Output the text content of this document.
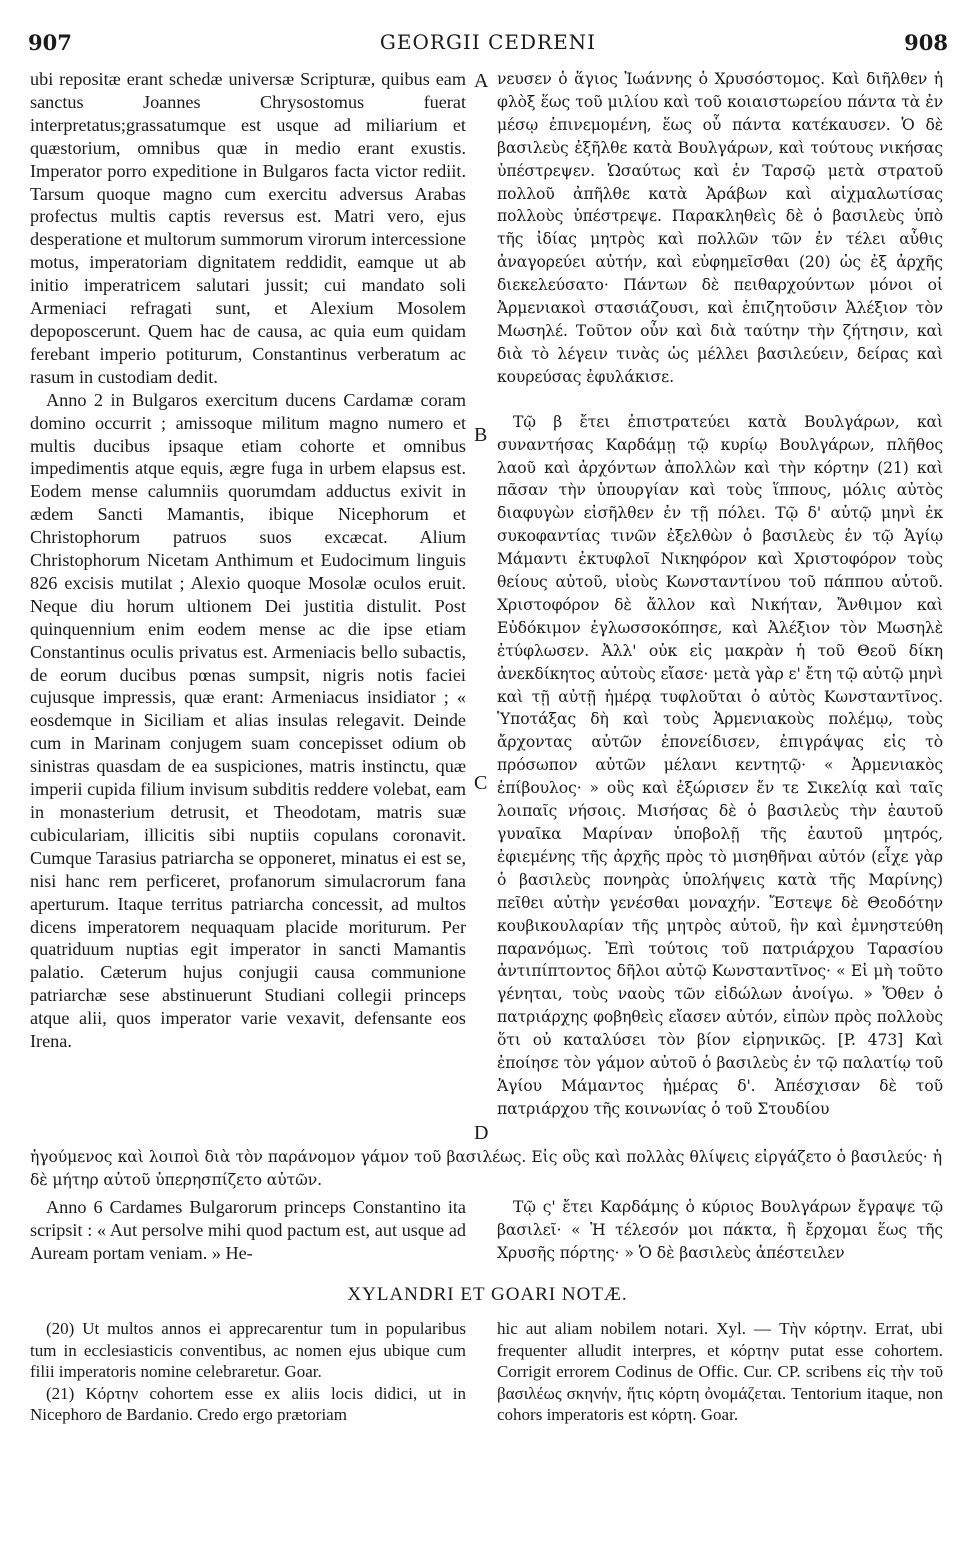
907	GEORGII CEDRENI	908

ubi repositæ erant schedæ universæ Scripturæ, quibus eam sanctus Joannes Chrysostomus fuerat interpretatus;grassatumque est usque ad miliarium et quæstorium, omnibus quæ in medio erant exustis. Imperator porro expeditione in Bulgaros facta victor rediit. Tarsum quoque magno cum exercitu adversus Arabas profectus multis captis reversus est. Matri vero, ejus desperatione et multorum summorum virorum intercessione motus, imperatoriam dignitatem reddidit, eamque ut ab initio imperatricem salutari jussit; cui mandato soli Armeniaci refragati sunt, et Alexium Mosolem depoposcerunt. Quem hac de causa, ac quia eum quidam ferebant imperio potiturum, Constantinus verberatum ac rasum in custodiam dedit.

Anno 2 in Bulgaros exercitum ducens Cardamæ coram domino occurrit ; amissoque militum magno numero et multis ducibus ipsaque etiam cohorte et omnibus impedimentis atque equis, ægre fuga in urbem elapsus est. Eodem mense calumniis quorumdam adductus exivit in ædem Sancti Mamantis, ibique Nicephorum et Christophorum patruos suos excæcat. Alium Christophorum Nicetam Anthimum et Eudocimum linguis 826 excisis mutilat ; Alexio quoque Mosolæ oculos eruit. Neque diu horum ultionem Dei justitia distulit. Post quinquennium enim eodem mense ac die ipse etiam Constantinus oculis privatus est. Armeniacis bello subactis, de eorum ducibus pœnas sumpsit, nigris notis faciei cujusque impressis, quæ erant: Armeniacus insidiator ; « eosdemque in Siciliam et alias insulas relegavit. Deinde cum in Marinam conjugem suam concepisset odium ob sinistras quasdam de ea suspiciones, matris instinctu, quæ imperii cupida filium invisum subditis reddere volebat, eam in monasterium detrusit, et Theodotam, matris suæ cubiculariam, illicitis sibi nuptiis copulans coronavit. Cumque Tarasius patriarcha se opponeret, minatus ei est se, nisi hanc rem perficeret, profanorum simulacrorum fana aperturum. Itaque territus patriarcha concessit, ad multos dicens imperatorem nequaquam placide moriturum. Per quatriduum nuptias egit imperator in sancti Mamantis palatio. Cæterum hujus conjugii causa communione patriarchæ sese abstinuerunt Studiani collegii princeps atque alii, quos imperator varie vexavit, defensante eos Irena.

νευσεν ὁ ἅγιος Ἰωάννης ὁ Χρυσόστομος. Καὶ διῆλθεν ἡ φλὸξ ἕως τοῦ μιλίου καὶ τοῦ κοιαιστωρείου πάντα τὰ ἐν μέσῳ ἐπινεμομένη, ἕως οὗ πάντα κατέκαυσεν. Ὁ δὲ βασιλεὺς ἐξῆλθε κατὰ Βουλγάρων, καὶ τούτους νικήσας ὑπέστρεψεν. Ὡσαύτως καὶ ἐν Ταρσῷ μετὰ στρατοῦ πολλοῦ ἀπῆλθε κατὰ Ἀράβων καὶ αἰχμαλωτίσας πολλοὺς ὑπέστρεψε. Παρακληθεὶς δὲ ὁ βασιλεὺς ὑπὸ τῆς ἰδίας μητρὸς καὶ πολλῶν τῶν ἐν τέλει αὖθις ἀναγορεύει αὐτήν, καὶ εὐφημεῖσθαι (20) ὡς ἐξ ἀρχῆς διεκελεύσατο· Πάντων δὲ πειθαρχούντων μόνοι οἱ Ἀρμενιακοὶ στασιάζουσι, καὶ ἐπιζητοῦσιν Ἀλέξιον τὸν Μωσηλέ. Τοῦτον οὖν καὶ διὰ ταύτην τὴν ζήτησιν, καὶ διὰ τὸ λέγειν τινὰς ὡς μέλλει βασιλεύειν, δείρας καὶ κουρεύσας ἐφυλάκισε.

Τῷ β ἔτει ἐπιστρατεύει κατὰ Βουλγάρων, καὶ συναντήσας Καρδάμῃ τῷ κυρίῳ Βουλγάρων, πλῆθος λαοῦ καὶ ἀρχόντων ἀπολλὼν καὶ τὴν κόρτην (21) καὶ πᾶσαν τὴν ὑπουργίαν καὶ τοὺς ἵππους, μόλις αὐτὸς διαφυγὼν εἰσῆλθεν ἐν τῇ πόλει. Τῷ δ' αὐτῷ μηνὶ ἐκ συκοφαντίας τινῶν ἐξελθὼν ὁ βασιλεὺς ἐν τῷ Ἁγίῳ Μάμαντι ἐκτυφλοῖ Νικηφόρον καὶ Χριστοφόρον τοὺς θείους αὐτοῦ, υἱοὺς Κωνσταντίνου τοῦ πάππου αὐτοῦ. Χριστοφόρον δὲ ἄλλον καὶ Νικήταν, Ἄνθιμον καὶ Εὐδόκιμον ἐγλωσσοκόπησε, καὶ Ἀλέξιον τὸν Μωσηλὲ ἐτύφλωσεν. Ἀλλ' οὐκ εἰς μακρὰν ἡ τοῦ Θεοῦ δίκη ἀνεκδίκητος αὐτοὺς εἴασε· μετὰ γὰρ ε' ἔτη τῷ αὐτῷ μηνὶ καὶ τῇ αὐτῇ ἡμέρᾳ τυφλοῦται ὁ αὐτὸς Κωνσταντῖνος. Ὑποτάξας δὴ καὶ τοὺς Ἀρμενιακοὺς πολέμῳ, τοὺς ἄρχοντας αὐτῶν ἐπονείδισεν, ἐπιγράψας εἰς τὸ πρόσωπον αὐτῶν μέλανι κεντητῷ· « Ἀρμενιακὸς ἐπίβουλος· » οὓς καὶ ἐξώρισεν ἔν τε Σικελίᾳ καὶ ταῖς λοιπαῖς νήσοις. Μισήσας δὲ ὁ βασιλεὺς τὴν ἑαυτοῦ γυναῖκα Μαρίναν ὑποβολῇ τῆς ἑαυτοῦ μητρός, ἐφιεμένης τῆς ἀρχῆς πρὸς τὸ μισηθῆναι αὐτόν (εἶχε γὰρ ὁ βασιλεὺς πονηρὰς ὑπολήψεις κατὰ τῆς Μαρίνης) πεῖθει αὐτὴν γενέσθαι μοναχήν. Ἔστεψε δὲ Θεοδότην κουβικουλαρίαν τῆς μητρὸς αὐτοῦ, ἣν καὶ ἐμνηστεύθη παρανόμως. Ἐπὶ τούτοις τοῦ πατριάρχου Ταρασίου ἀντιπίπτοντος δῆλοι αὐτῷ Κωνσταντῖνος· « Εἰ μὴ τοῦτο γένηται, τοὺς ναοὺς τῶν εἰδώλων ἀνοίγω. » Ὅθεν ὁ πατριάρχης φοβηθεὶς εἴασεν αὐτόν, εἰπὼν πρὸς πολλοὺς ὅτι οὐ καταλύσει τὸν βίον εἰρηνικῶς. [P. 473] Καὶ ἐποίησε τὸν γάμον αὐτοῦ ὁ βασιλεὺς ἐν τῷ παλατίῳ τοῦ Ἁγίου Μάμαντος ἡμέρας δ'. Ἀπέσχισαν δὲ τοῦ πατριάρχου τῆς κοινωνίας ὁ τοῦ Στουδίου

A
B
C
D
ἡγούμενος καὶ λοιποὶ διὰ τὸν παράνομον γάμον τοῦ βασιλέως. Εἰς οὓς καὶ πολλὰς θλίψεις εἰργάζετο ὁ βασιλεύς· ἡ δὲ μήτηρ αὐτοῦ ὑπερησπίζετο αὐτῶν.

Anno 6 Cardames Bulgarorum princeps Constantino ita scripsit : « Aut persolve mihi quod pactum est, aut usque ad Auream portam veniam. » He-

Τῷ ς' ἔτει Καρδάμης ὁ κύριος Βουλγάρων ἔγραψε τῷ βασιλεῖ· « Ἡ τέλεσόν μοι πάκτα, ἢ ἔρχομαι ἕως τῆς Χρυσῆς πόρτης· » Ὁ δὲ βασιλεὺς ἀπέστειλεν

XYLANDRI ET GOARI NOTÆ.

(20) Ut multos annos ei apprecarentur tum in popularibus tum in ecclesiasticis conventibus, ac nomen ejus ubique cum filii imperatoris nomine celebraretur. Goar.

(21) Κόρτην cohortem esse ex aliis locis didici, ut in Nicephoro de Bardanio. Credo ergo prætoriam

hic aut aliam nobilem notari. Xyl. — Τὴν κόρτην. Errat, ubi frequenter alludit interpres, et κόρτην putat esse cohortem. Corrigit errorem Codinus de Offic. Cur. CP. scribens εἰς τὴν τοῦ βασιλέως σκηνήν, ἥτις κόρτη ὀνομάζεται. Tentorium itaque, non cohors imperatoris est κόρτη. Goar.
